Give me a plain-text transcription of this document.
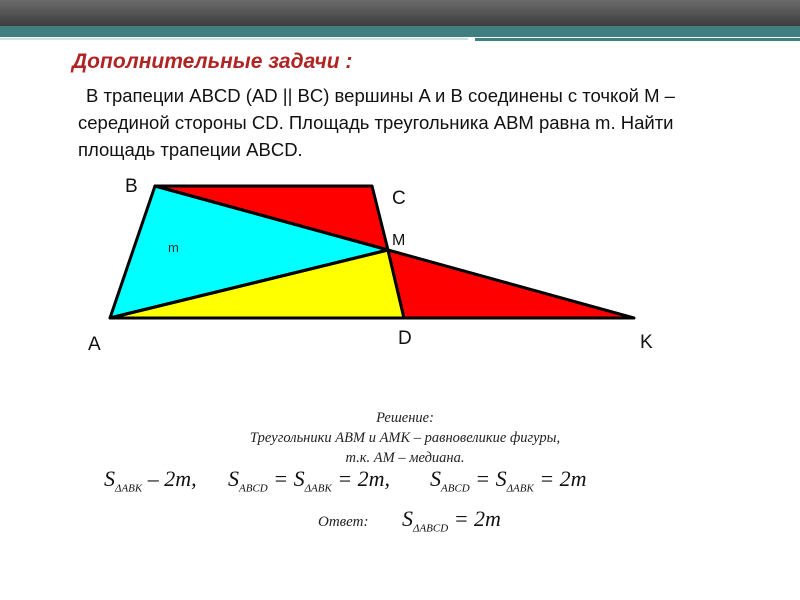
Дополнительные задачи :

В трапеции ABCD (AD || BC) вершины A и B соединены с точкой M – серединой стороны CD. Площадь треугольника ABM равна m. Найти площадь трапеции ABCD.

B
C
M
A	D	K
m
Решение:
Треугольники ABM и AMK – равновеликие фигуры,
т.к. AM – медиана.
$S_{\Delta ABK} - 2m$, $S_{ABCD} = S_{\Delta ABK} = 2m$, $S_{ABCD} = S_{\Delta ABK} = 2m$
Ответ: $S_{\Delta ABCD} = 2m$
